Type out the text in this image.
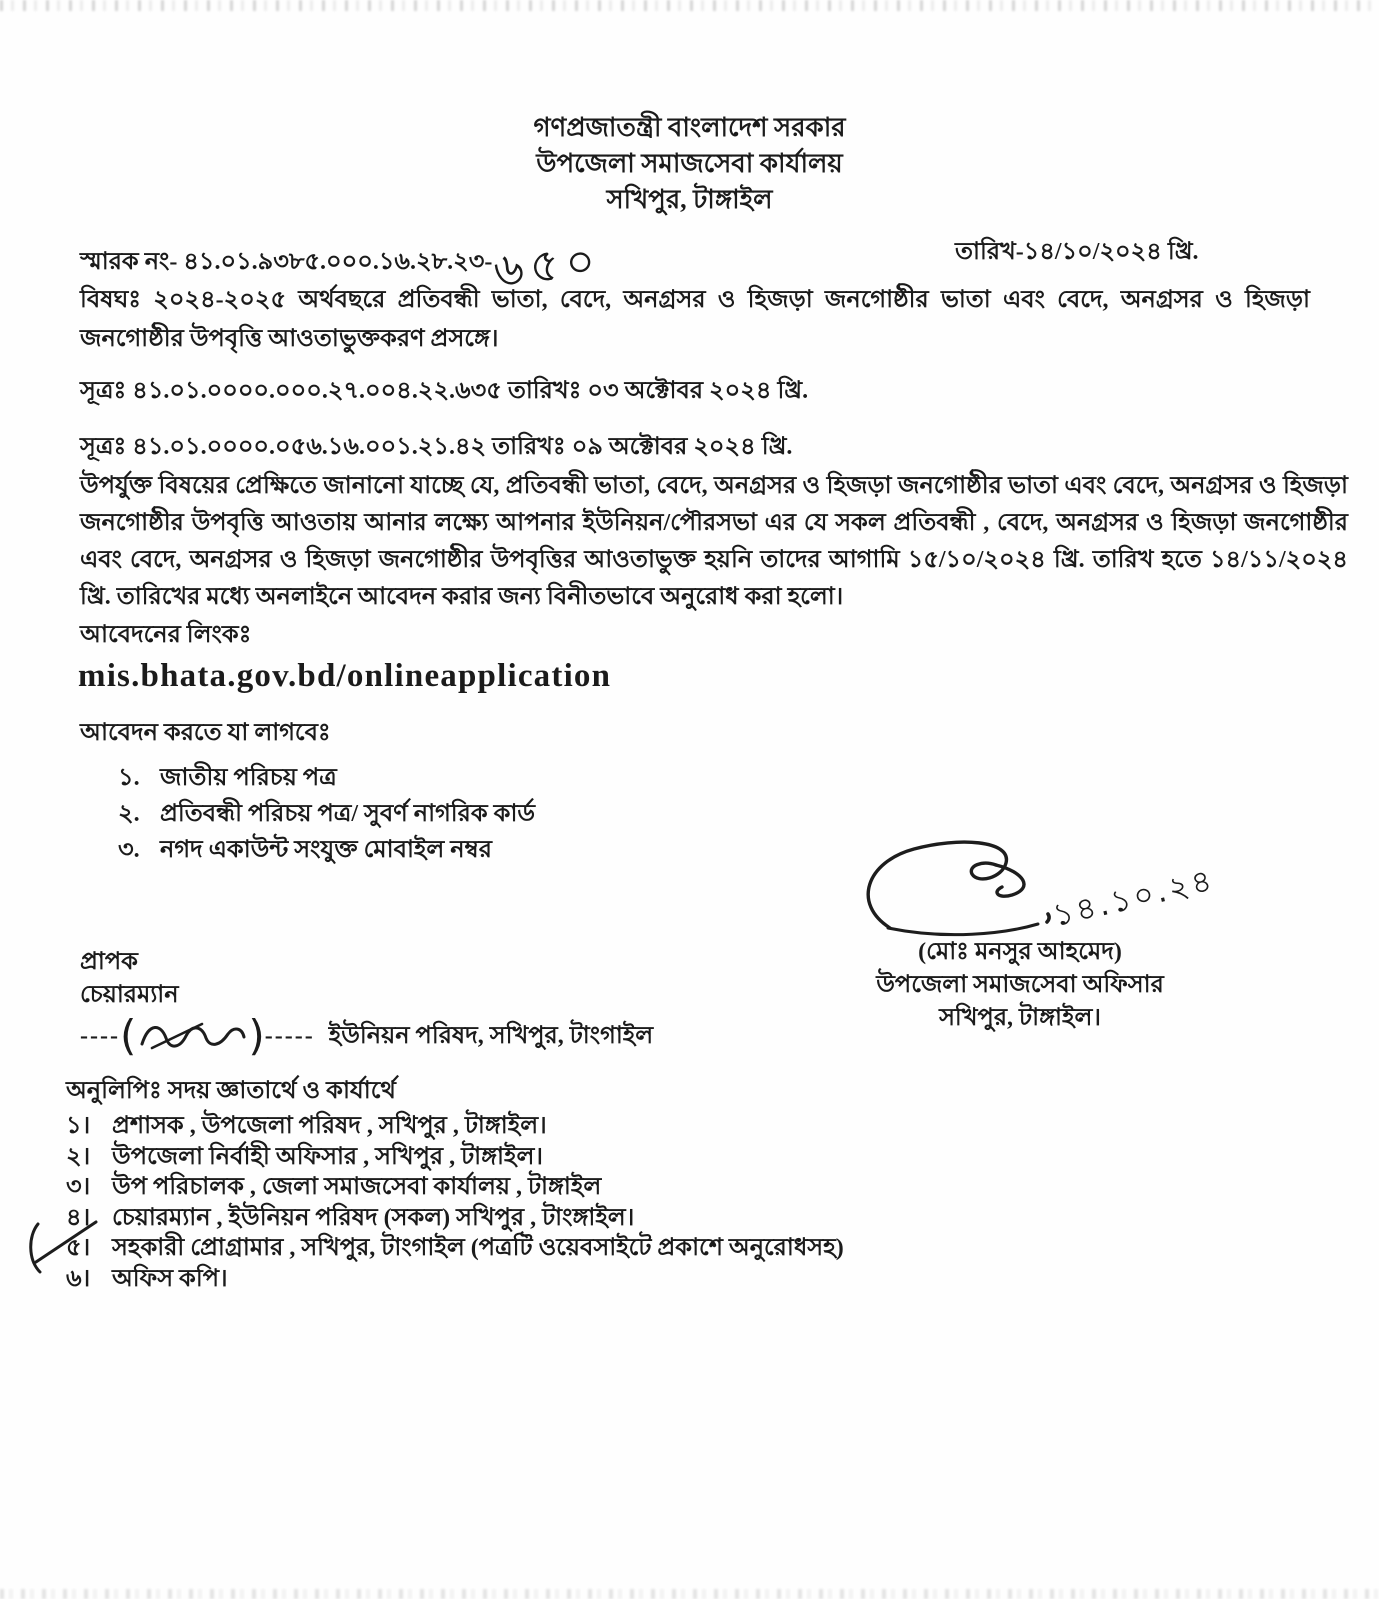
গণপ্রজাতন্ত্রী বাংলাদেশ সরকার
উপজেলা সমাজসেবা কার্যালয়
সখিপুর, টাঙ্গাইল
স্মারক নং- ৪১.০১.৯৩৮৫.০০০.১৬.২৮.২৩-৬৫০	তারিখ-১৪/১০/২০২৪ খ্রি.
বিষঘঃ ২০২৪-২০২৫ অর্থবছরে প্রতিবন্ধী ভাতা, বেদে, অনগ্রসর ও হিজড়া জনগোষ্ঠীর ভাতা এবং বেদে, অনগ্রসর ও হিজড়া জনগোষ্ঠীর উপবৃত্তি আওতাভুক্তকরণ প্রসঙ্গে।
সূত্রঃ ৪১.০১.০০০০.০০০.২৭.০০৪.২২.৬৩৫ তারিখঃ ০৩ অক্টোবর ২০২৪ খ্রি.
সূত্রঃ ৪১.০১.০০০০.০৫৬.১৬.০০১.২১.৪২ তারিখঃ ০৯ অক্টোবর ২০২৪ খ্রি.
উপর্যুক্ত বিষয়ের প্রেক্ষিতে জানানো যাচ্ছে যে, প্রতিবন্ধী ভাতা, বেদে, অনগ্রসর ও হিজড়া জনগোষ্ঠীর ভাতা এবং বেদে, অনগ্রসর ও হিজড়া জনগোষ্ঠীর উপবৃত্তি আওতায় আনার লক্ষ্যে আপনার ইউনিয়ন/পৌরসভা এর যে সকল প্রতিবন্ধী , বেদে, অনগ্রসর ও হিজড়া জনগোষ্ঠীর এবং বেদে, অনগ্রসর ও হিজড়া জনগোষ্ঠীর উপবৃত্তির আওতাভুক্ত হয়নি তাদের আগামি ১৫/১০/২০২৪ খ্রি. তারিখ হতে ১৪/১১/২০২৪ খ্রি. তারিখের মধ্যে অনলাইনে আবেদন করার জন্য বিনীতভাবে অনুরোধ করা হলো।
আবেদনের লিংকঃ
mis.bhata.gov.bd/onlineapplication
আবেদন করতে যা লাগবেঃ
১. জাতীয় পরিচয় পত্র
২. প্রতিবন্ধী পরিচয় পত্র/ সুবর্ণ নাগরিক কার্ড
৩. নগদ একাউন্ট সংযুক্ত মোবাইল নম্বর
১৪.১০.২৪
(মোঃ মনসুর আহমেদ)
উপজেলা সমাজসেবা অফিসার
সখিপুর, টাঙ্গাইল।
প্রাপক
চেয়ারম্যান
---- (	) ----- ইউনিয়ন পরিষদ, সখিপুর, টাংগাইল
অনুলিপিঃ সদয় জ্ঞাতার্থে ও কার্যার্থে
১। প্রশাসক , উপজেলা পরিষদ , সখিপুর , টাঙ্গাইল।
২। উপজেলা নির্বাহী অফিসার , সখিপুর , টাঙ্গাইল।
৩। উপ পরিচালক , জেলা সমাজসেবা কার্যালয় , টাঙ্গাইল
৪। চেয়ারম্যান , ইউনিয়ন পরিষদ (সকল) সখিপুর , টাংঙ্গাইল।
৫। সহকারী প্রোগ্রামার , সখিপুর, টাংগাইল (পত্রটি ওয়েবসাইটে প্রকাশে অনুরোধসহ)
৬। অফিস কপি।
